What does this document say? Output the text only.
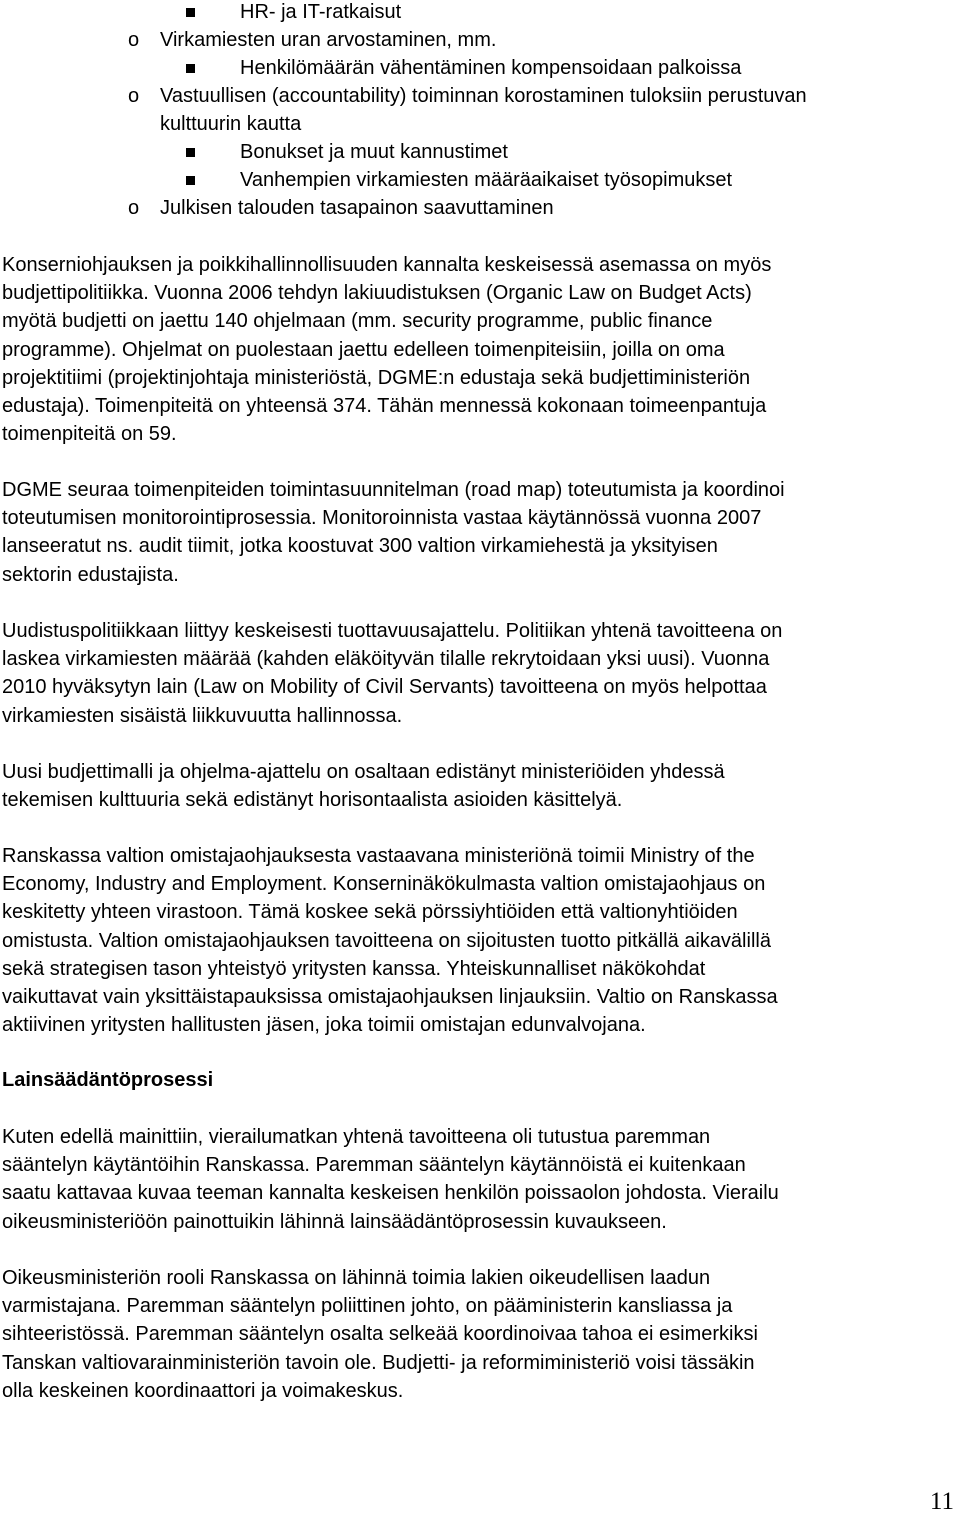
HR- ja IT-ratkaisut
o Virkamiesten uran arvostaminen, mm.
Henkilömäärän vähentäminen kompensoidaan palkoissa
o Vastuullisen (accountability) toiminnan korostaminen tuloksiin perustuvan
kulttuurin kautta
Bonukset ja muut kannustimet
Vanhempien virkamiesten määräaikaiset työsopimukset
o Julkisen talouden tasapainon saavuttaminen
Konserniohjauksen ja poikkihallinnollisuuden kannalta keskeisessä asemassa on myös
budjettipolitiikka. Vuonna 2006 tehdyn lakiuudistuksen (Organic Law on Budget Acts)
myötä budjetti on jaettu 140 ohjelmaan (mm. security programme, public finance
programme). Ohjelmat on puolestaan jaettu edelleen toimenpiteisiin, joilla on oma
projektitiimi (projektinjohtaja ministeriöstä, DGME:n edustaja sekä budjettiministeriön
edustaja). Toimenpiteitä on yhteensä 374. Tähän mennessä kokonaan toimeenpantuja
toimenpiteitä on 59.
DGME seuraa toimenpiteiden toimintasuunnitelman (road map) toteutumista ja koordinoi
toteutumisen monitorointiprosessia. Monitoroinnista vastaa käytännössä vuonna 2007
lanseeratut ns. audit tiimit, jotka koostuvat 300 valtion virkamiehestä ja yksityisen
sektorin edustajista.
Uudistuspolitiikkaan liittyy keskeisesti tuottavuusajattelu. Politiikan yhtenä tavoitteena on
laskea virkamiesten määrää (kahden eläköityvän tilalle rekrytoidaan yksi uusi). Vuonna
2010 hyväksytyn lain (Law on Mobility of Civil Servants) tavoitteena on myös helpottaa
virkamiesten sisäistä liikkuvuutta hallinnossa.
Uusi budjettimalli ja ohjelma-ajattelu on osaltaan edistänyt ministeriöiden yhdessä
tekemisen kulttuuria sekä edistänyt horisontaalista asioiden käsittelyä.
Ranskassa valtion omistajaohjauksesta vastaavana ministeriönä toimii Ministry of the
Economy, Industry and Employment. Konserninäkökulmasta valtion omistajaohjaus on
keskitetty yhteen virastoon. Tämä koskee sekä pörssiyhtiöiden että valtionyhtiöiden
omistusta. Valtion omistajaohjauksen tavoitteena on sijoitusten tuotto pitkällä aikavälillä
sekä strategisen tason yhteistyö yritysten kanssa. Yhteiskunnalliset näkökohdat
vaikuttavat vain yksittäistapauksissa omistajaohjauksen linjauksiin. Valtio on Ranskassa
aktiivinen yritysten hallitusten jäsen, joka toimii omistajan edunvalvojana.
Lainsäädäntöprosessi
Kuten edellä mainittiin, vierailumatkan yhtenä tavoitteena oli tutustua paremman
sääntelyn käytäntöihin Ranskassa. Paremman sääntelyn käytännöistä ei kuitenkaan
saatu kattavaa kuvaa teeman kannalta keskeisen henkilön poissaolon johdosta. Vierailu
oikeusministeriöön painottuikin lähinnä lainsäädäntöprosessin kuvaukseen.
Oikeusministeriön rooli Ranskassa on lähinnä toimia lakien oikeudellisen laadun
varmistajana. Paremman sääntelyn poliittinen johto, on pääministerin kansliassa ja
sihteeristössä. Paremman sääntelyn osalta selkeää koordinoivaa tahoa ei esimerkiksi
Tanskan valtiovarainministeriön tavoin ole. Budjetti- ja reformiministeriö voisi tässäkin
olla keskeinen koordinaattori ja voimakeskus.
11
